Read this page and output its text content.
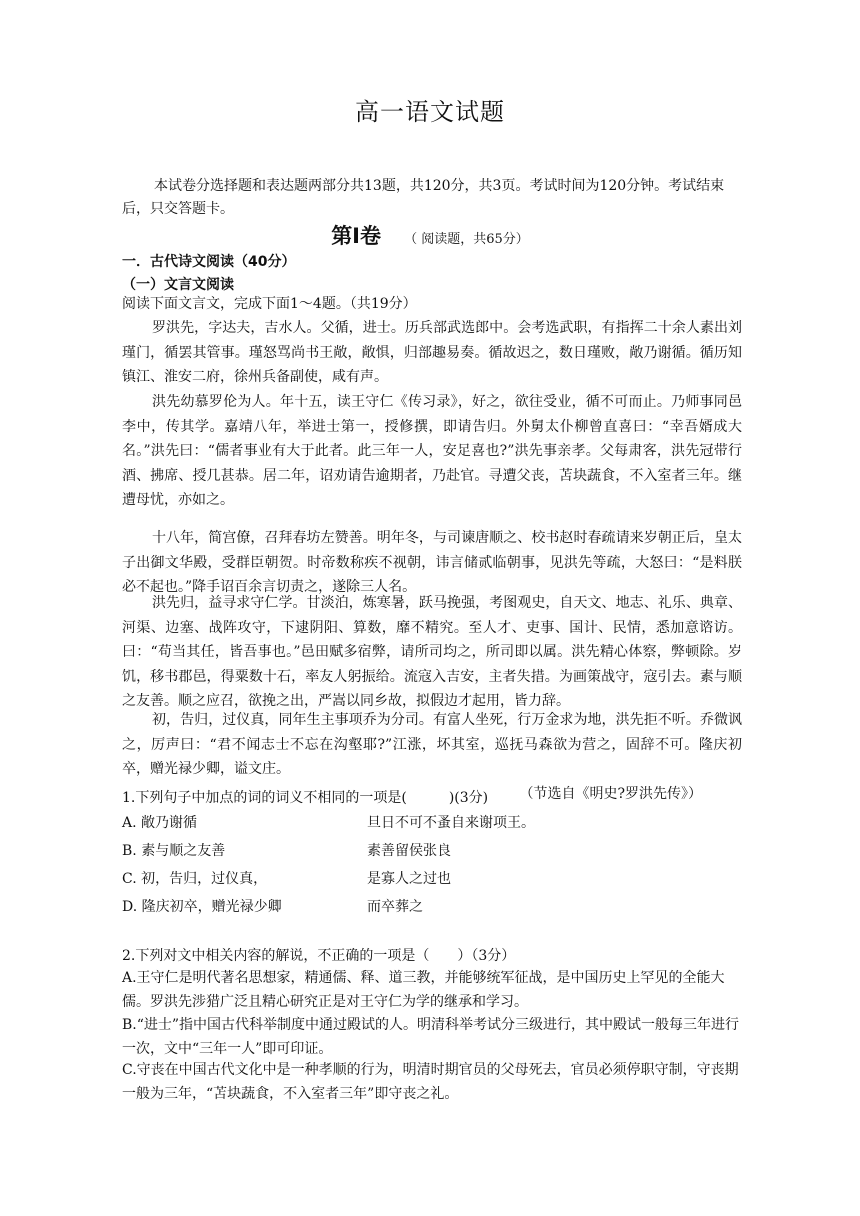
高一语文试题
本试卷分选择题和表达题两部分共13题，共120分，共3页。考试时间为120分钟。考试结束后，只交答题卡。
第Ⅰ卷 （ 阅读题，共65分）
一．古代诗文阅读（40分）
（一）文言文阅读
阅读下面文言文，完成下面1～4题。（共19分）
罗洪先，字达夫，吉水人。父循，进士。历兵部武选郎中。会考选武职，有指挥二十余人素出刘瑾门，循罢其管事。瑾怒骂尚书王敞，敞惧，归部趣易奏。循故迟之，数日瑾败，敞乃谢循。循历知镇江、淮安二府，徐州兵备副使，咸有声。
洪先幼慕罗伦为人。年十五，读王守仁《传习录》，好之，欲往受业，循不可而止。乃师事同邑李中，传其学。嘉靖八年，举进士第一，授修撰，即请告归。外舅太仆柳曾直喜曰：“幸吾婿成大名。”洪先曰：“儒者事业有大于此者。此三年一人，安足喜也?”洪先事亲孝。父每肃客，洪先冠带行酒、拂席、授几甚恭。居二年，诏劝请告逾期者，乃赴官。寻遭父丧，苫块蔬食，不入室者三年。继遭母忧，亦如之。
十八年，简宫僚，召拜春坊左赞善。明年冬，与司谏唐顺之、校书赵时春疏请来岁朝正后，皇太子出御文华殿，受群臣朝贺。时帝数称疾不视朝，讳言储贰临朝事，见洪先等疏，大怒曰：“是料朕必不起也。”降手诏百余言切责之，遂除三人名。
洪先归，益寻求守仁学。甘淡泊，炼寒暑，跃马挽强，考图观史，自天文、地志、礼乐、典章、河渠、边塞、战阵攻守，下逮阴阳、算数，靡不精究。至人才、吏事、国计、民情，悉加意谘访。曰：“苟当其任，皆吾事也。”邑田赋多宿弊，请所司均之，所司即以属。洪先精心体察，弊顿除。岁饥，移书郡邑，得粟数十石，率友人躬振给。流寇入吉安，主者失措。为画策战守，寇引去。素与顺之友善。顺之应召，欲挽之出，严嵩以同乡故，拟假边才起用，皆力辞。
初，告归，过仪真，同年生主事项乔为分司。有富人坐死，行万金求为地，洪先拒不听。乔微讽之，厉声曰：“君不闻志士不忘在沟壑耶?”江涨，坏其室，巡抚马森欲为营之，固辞不可。隆庆初卒，赠光禄少卿，谥文庄。
（节选自《明史?罗洪先传》）
1.下列句子中加点的词的词义不相同的一项是(　　　)(3分)
A. 敞乃谢循	旦日不可不蚤自来谢项王。
B. 素与顺之友善	素善留侯张良
C. 初，告归，过仪真，	是寡人之过也
D. 隆庆初卒，赠光禄少卿	而卒葬之
2.下列对文中相关内容的解说，不正确的一项是（　　）（3分）
A.王守仁是明代著名思想家，精通儒、释、道三教，并能够统军征战，是中国历史上罕见的全能大儒。罗洪先涉猎广泛且精心研究正是对王守仁为学的继承和学习。
B.“进士”指中国古代科举制度中通过殿试的人。明清科举考试分三级进行，其中殿试一般每三年进行一次，文中“三年一人”即可印证。
C.守丧在中国古代文化中是一种孝顺的行为，明清时期官员的父母死去，官员必须停职守制，守丧期一般为三年，“苫块蔬食，不入室者三年”即守丧之礼。
